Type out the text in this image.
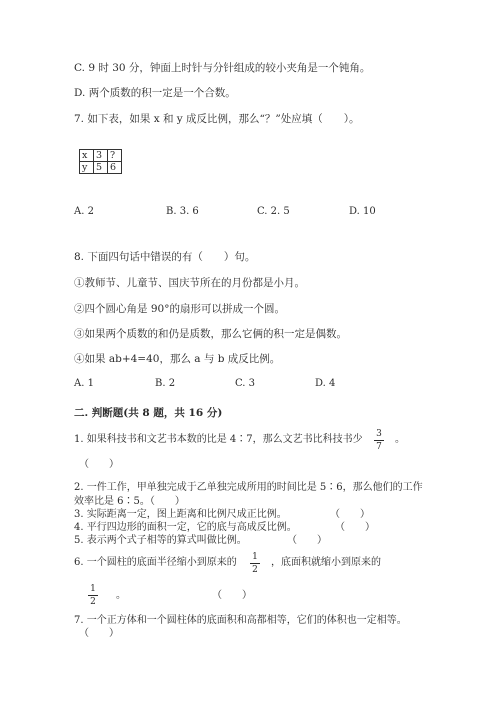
C. 9 时 30 分，钟面上时针与分针组成的较小夹角是一个钝角。
D. 两个质数的积一定是一个合数。
7. 如下表，如果 x 和 y 成反比例，那么“？”处应填（　　）。
x	3	?
y	5	6
A. 2	B. 3. 6	C. 2. 5	D. 10
8. 下面四句话中错误的有（　　）句。
①教师节、儿童节、国庆节所在的月份都是小月。
②四个圆心角是 90°的扇形可以拼成一个圆。
③如果两个质数的和仍是质数，那么它俩的积一定是偶数。
④如果 ab+4=40，那么 a 与 b 成反比例。
A. 1	B. 2	C. 3	D. 4
二. 判断题(共 8 题，共 16 分)
1. 如果科技书和文艺书本数的比是 4∶7，那么文艺书比科技书少	3
7
。
（　　）
2. 一件工作，甲单独完成于乙单独完成所用的时间比是 5∶6，那么他们的工作
效率比是 6∶5。（　　）
3. 实际距离一定，图上距离和比例尺成正比例。	（　　）
4. 平行四边形的面积一定，它的底与高成反比例。	（　　）
5. 表示两个式子相等的算式叫做比例。	（　　）
6. 一个圆柱的底面半径缩小到原来的	1
2
，底面积就缩小到原来的
1
2
。	（　　）
7. 一个正方体和一个圆柱体的底面积和高都相等，它们的体积也一定相等。
（　　）
